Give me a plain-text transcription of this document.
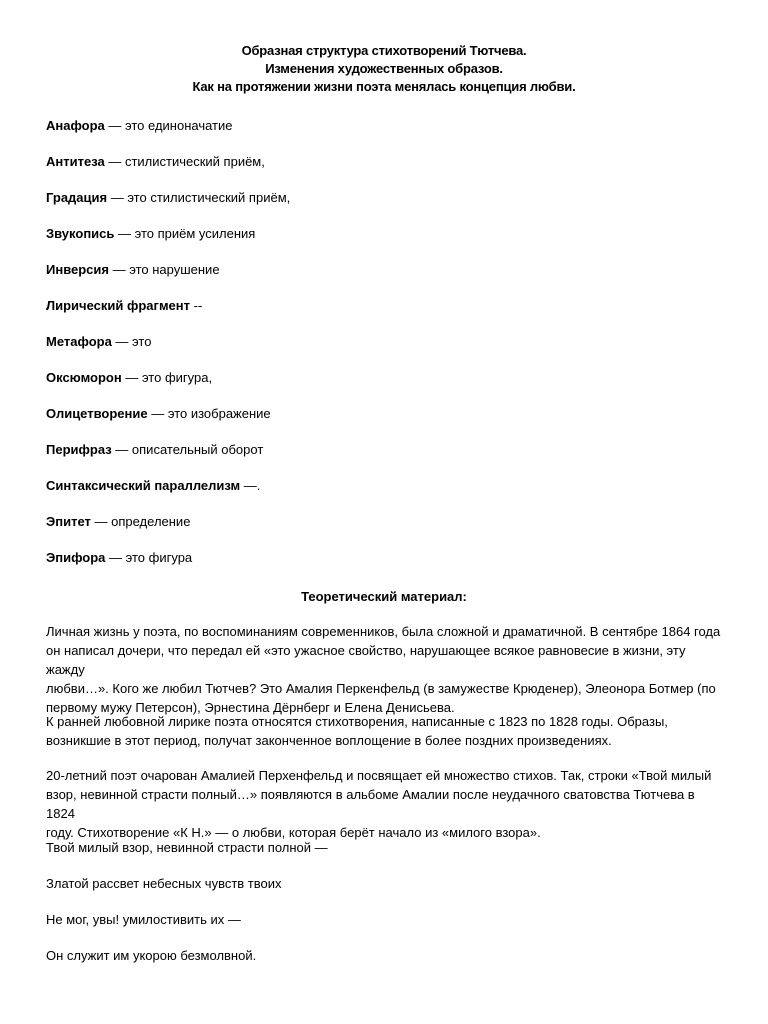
Образная структура стихотворений Тютчева.
Изменения художественных образов.
Как на протяжении жизни поэта менялась концепция любви.
Анафора — это единоначатие
Антитеза — стилистический приём,
Градация — это стилистический приём,
Звукопись — это приём усиления
Инверсия — это нарушение
Лирический фрагмент --
Метафора — это
Оксюморон — это фигура,
Олицетворение — это изображение
Перифраз — описательный оборот
Синтаксический параллелизм —.
Эпитет — определение
Эпифора — это фигура
Теоретический материал:

Личная жизнь у поэта, по воспоминаниям современников, была сложной и драматичной. В сентябре 1864 года

он написал дочери, что передал ей «это ужасное свойство, нарушающее всякое равновесие в жизни, эту жажду

любви…». Кого же любил Тютчев? Это Амалия Перкенфельд (в замужестве Крюденер), Элеонора Ботмер (по

первому мужу Петерсон), Эрнестина Дёрнберг и Елена Денисьева.

К ранней любовной лирике поэта относятся стихотворения, написанные с 1823 по 1828 годы. Образы,

возникшие в этот период, получат законченное воплощение в более поздних произведениях.

20-летний поэт очарован Амалией Перхенфельд и посвящает ей множество стихов. Так, строки «Твой милый

взор, невинной страсти полный…» появляются в альбоме Амалии после неудачного сватовства Тютчева в 1824

году. Стихотворение «К Н.» — о любви, которая берёт начало из «милого взора».

Твой милый взор, невинной страсти полной —
Златой рассвет небесных чувств твоих
Не мог, увы! умилостивить их —
Он служит им укорою безмолвной.
